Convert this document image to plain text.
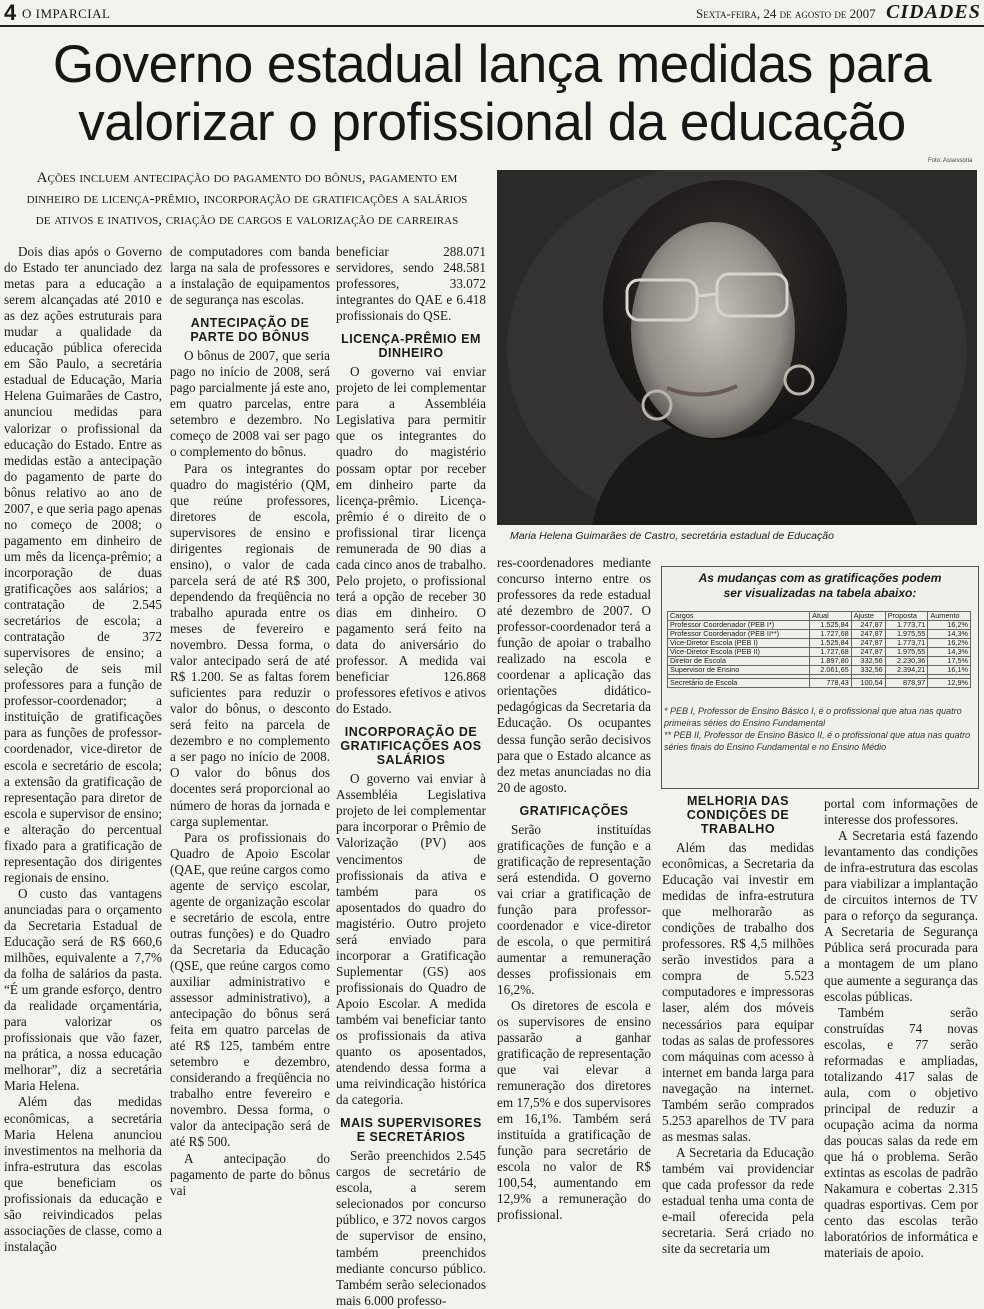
4 O IMPARCIAL	Sexta-feira, 24 de agosto de 2007 CIDADES
Governo estadual lança medidas para
valorizar o profissional da educação
Foto: Assessoria
Ações incluem antecipação do pagamento do bônus, pagamento em dinheiro de licença-prêmio, incorporação de gratificações a salários de ativos e inativos, criação de cargos e valorização de carreiras

Dois dias após o Governo do Estado ter anunciado dez metas para a educação a serem alcançadas até 2010 e as dez ações estruturais para mudar a qualidade da educação pública oferecida em São Paulo, a secretária estadual de Educação, Maria Helena Guimarães de Castro, anunciou medidas para valorizar o profissional da educação do Estado. Entre as medidas estão a antecipação do pagamento de parte do bônus relativo ao ano de 2007, e que seria pago apenas no começo de 2008; o pagamento em dinheiro de um mês da licença-prêmio; a incorporação de duas gratificações aos salários; a contratação de 2.545 secretários de escola; a contratação de 372 supervisores de ensino; a seleção de seis mil professores para a função de professor-coordenador; a instituição de gratificações para as funções de professor-coordenador, vice-diretor de escola e secretário de escola; a extensão da gratificação de representação para diretor de escola e supervisor de ensino; e alteração do percentual fixado para a gratificação de representação dos dirigentes regionais de ensino.

O custo das vantagens anunciadas para o orçamento da Secretaria Estadual de Educação será de R$ 660,6 milhões, equivalente a 7,7% da folha de salários da pasta. “É um grande esforço, dentro da realidade orçamentária, para valorizar os profissionais que vão fazer, na prática, a nossa educação melhorar”, diz a secretária Maria Helena.

Além das medidas econômicas, a secretária Maria Helena anunciou investimentos na melhoria da infra-estrutura das escolas que beneficiam os profissionais da educação e são reivindicados pelas associações de classe, como a instalação

de computadores com banda larga na sala de professores e a instalação de equipamentos de segurança nas escolas.

ANTECIPAÇÃO DE PARTE DO BÔNUS

O bônus de 2007, que seria pago no início de 2008, será pago parcialmente já este ano, em quatro parcelas, entre setembro e dezembro. No começo de 2008 vai ser pago o complemento do bônus.

Para os integrantes do quadro do magistério (QM, que reúne professores, diretores de escola, supervisores de ensino e dirigentes regionais de ensino), o valor de cada parcela será de até R$ 300, dependendo da freqüência no trabalho apurada entre os meses de fevereiro e novembro. Dessa forma, o valor antecipado será de até R$ 1.200. Se as faltas forem suficientes para reduzir o valor do bônus, o desconto será feito na parcela de dezembro e no complemento a ser pago no início de 2008. O valor do bônus dos docentes será proporcional ao número de horas da jornada e carga suplementar.

Para os profissionais do Quadro de Apoio Escolar (QAE, que reúne cargos como agente de serviço escolar, agente de organização escolar e secretário de escola, entre outras funções) e do Quadro da Secretaria da Educação (QSE, que reúne cargos como auxiliar administrativo e assessor administrativo), a antecipação do bônus será feita em quatro parcelas de até R$ 125, também entre setembro e dezembro, considerando a freqüência no trabalho entre fevereiro e novembro. Dessa forma, o valor da antecipação será de até R$ 500.

A antecipação do pagamento de parte do bônus vai

beneficiar 288.071 servidores, sendo 248.581 professores, 33.072 integrantes do QAE e 6.418 profissionais do QSE.

LICENÇA-PRÊMIO EM DINHEIRO

O governo vai enviar projeto de lei complementar para a Assembléia Legislativa para permitir que os integrantes do quadro do magistério possam optar por receber em dinheiro parte da licença-prêmio. Licença-prêmio é o direito de o profissional tirar licença remunerada de 90 dias a cada cinco anos de trabalho. Pelo projeto, o profissional terá a opção de receber 30 dias em dinheiro. O pagamento será feito na data do aniversário do professor. A medida vai beneficiar 126.868 professores efetivos e ativos do Estado.

INCORPORAÇÃO DE GRATIFICAÇÕES AOS SALÁRIOS

O governo vai enviar à Assembléia Legislativa projeto de lei complementar para incorporar o Prêmio de Valorização (PV) aos vencimentos de profissionais da ativa e também para os aposentados do quadro do magistério. Outro projeto será enviado para incorporar a Gratificação Suplementar (GS) aos profissionais do Quadro de Apoio Escolar. A medida também vai beneficiar tanto os profissionais da ativa quanto os aposentados, atendendo dessa forma a uma reivindicação histórica da categoria.

MAIS SUPERVISORES E SECRETÁRIOS

Serão preenchidos 2.545 cargos de secretário de escola, a serem selecionados por concurso público, e 372 novos cargos de supervisor de ensino, também preenchidos mediante concurso público. Também serão selecionados mais 6.000 professo-

Maria Helena Guimarães de Castro, secretária estadual de Educação

res-coordenadores mediante concurso interno entre os professores da rede estadual até dezembro de 2007. O professor-coordenador terá a função de apoiar o trabalho realizado na escola e coordenar a aplicação das orientações didático-pedagógicas da Secretaria da Educação. Os ocupantes dessa função serão decisivos para que o Estado alcance as dez metas anunciadas no dia 20 de agosto.

GRATIFICAÇÕES

Serão instituídas gratificações de função e a gratificação de representação será estendida. O governo vai criar a gratificação de função para professor-coordenador e vice-diretor de escola, o que permitirá aumentar a remuneração desses profissionais em 16,2%.

Os diretores de escola e os supervisores de ensino passarão a ganhar gratificação de representação que vai elevar a remuneração dos diretores em 17,5% e dos supervisores em 16,1%. Também será instituída a gratificação de função para secretário de escola no valor de R$ 100,54, aumentando em 12,9% a remuneração do profissional.

As mudanças com as gratificações podem
ser visualizadas na tabela abaixo:
Cargos	Atual	Ajuste	Proposta	Aumento
Professor Coordenador (PEB I*)	1.525,84	247,87	1.773,71	16,2%
Professor Coordenador (PEB II**)	1.727,68	247,87	1.975,55	14,3%
Vice-Diretor Escola (PEB I)	1.525,84	247,87	1.773,71	16,2%
Vice-Diretor Escola (PEB II)	1.727,68	247,87	1.975,55	14,3%
Diretor de Escola	1.897,80	332,56	2.230,36	17,5%
Supervisor de Ensino	2.061,65	332,56	2.394,21	16,1%

Secretário de Escola	778,43	100,54	878,97	12,9%
* PEB I, Professor de Ensino Básico I, é o profissional que atua nas quatro primeiras séries do Ensino Fundamental
** PEB II, Professor de Ensino Básico II, é o profissional que atua nas quatro séries finais do Ensino Fundamental e no Ensino Médio
MELHORIA DAS CONDIÇÕES DE TRABALHO

Além das medidas econômicas, a Secretaria da Educação vai investir em medidas de infra-estrutura que melhorarão as condições de trabalho dos professores. R$ 4,5 milhões serão investidos para a compra de 5.523 computadores e impressoras laser, além dos móveis necessários para equipar todas as salas de professores com máquinas com acesso à internet em banda larga para navegação na internet. Também serão comprados 5.253 aparelhos de TV para as mesmas salas.

A Secretaria da Educação também vai providenciar que cada professor da rede estadual tenha uma conta de e-mail oferecida pela secretaria. Será criado no site da secretaria um

portal com informações de interesse dos professores.

A Secretaria está fazendo levantamento das condições de infra-estrutura das escolas para viabilizar a implantação de circuitos internos de TV para o reforço da segurança. A Secretaria de Segurança Pública será procurada para a montagem de um plano que aumente a segurança das escolas públicas.

Também serão construídas 74 novas escolas, e 77 serão reformadas e ampliadas, totalizando 417 salas de aula, com o objetivo principal de reduzir a ocupação acima da norma das poucas salas da rede em que há o problema. Serão extintas as escolas de padrão Nakamura e cobertas 2.315 quadras esportivas. Cem por cento das escolas terão laboratórios de informática e materiais de apoio.
